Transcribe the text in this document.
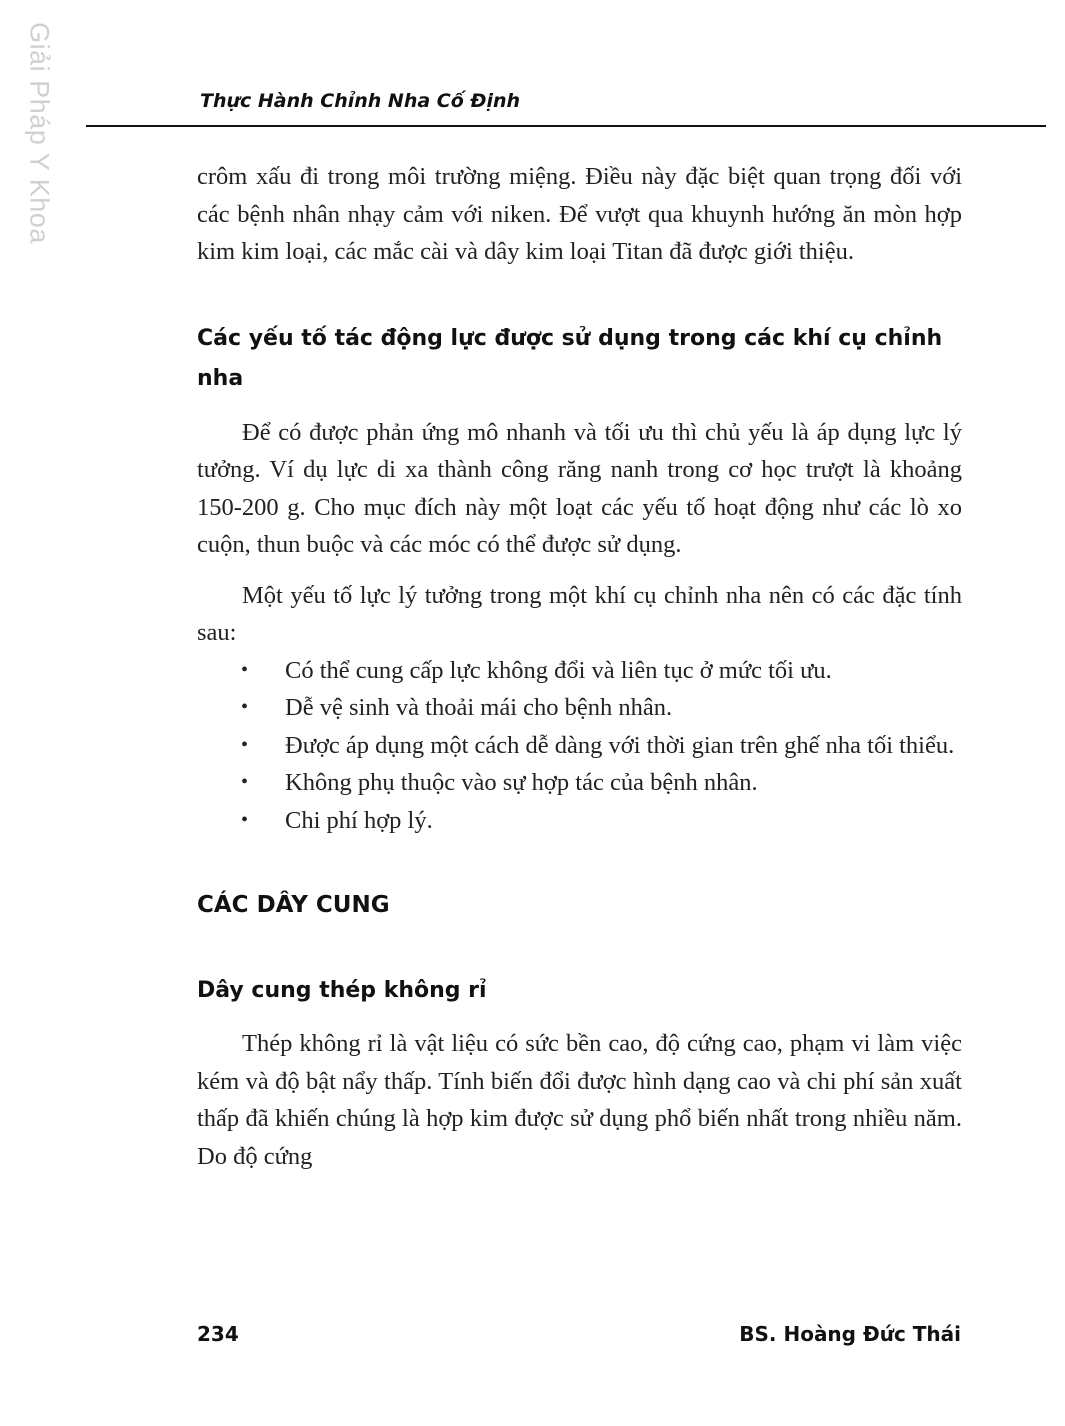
Giải Pháp Y Khoa	Thực Hành Chỉnh Nha Cố Định

crôm xấu đi trong môi trường miệng. Điều này đặc biệt quan trọng đối với các bệnh nhân nhạy cảm với niken. Để vượt qua khuynh hướng ăn mòn hợp kim kim loại, các mắc cài và dây kim loại Titan đã được giới thiệu.

Các yếu tố tác động lực được sử dụng trong các khí cụ chỉnh nha

Để có được phản ứng mô nhanh và tối ưu thì chủ yếu là áp dụng lực lý tưởng. Ví dụ lực di xa thành công răng nanh trong cơ học trượt là khoảng 150-200 g. Cho mục đích này một loạt các yếu tố hoạt động như các lò xo cuộn, thun buộc và các móc có thể được sử dụng.

Một yếu tố lực lý tưởng trong một khí cụ chỉnh nha nên có các đặc tính sau:

• Có thể cung cấp lực không đổi và liên tục ở mức tối ưu.
• Dễ vệ sinh và thoải mái cho bệnh nhân.
• Được áp dụng một cách dễ dàng với thời gian trên ghế nha tối thiểu.
• Không phụ thuộc vào sự hợp tác của bệnh nhân.
• Chi phí hợp lý.
CÁC DÂY CUNG
Dây cung thép không rỉ

Thép không rỉ là vật liệu có sức bền cao, độ cứng cao, phạm vi làm việc kém và độ bật nẩy thấp. Tính biến đổi được hình dạng cao và chi phí sản xuất thấp đã khiến chúng là hợp kim được sử dụng phổ biến nhất trong nhiều năm. Do độ cứng

234	BS. Hoàng Đức Thái
